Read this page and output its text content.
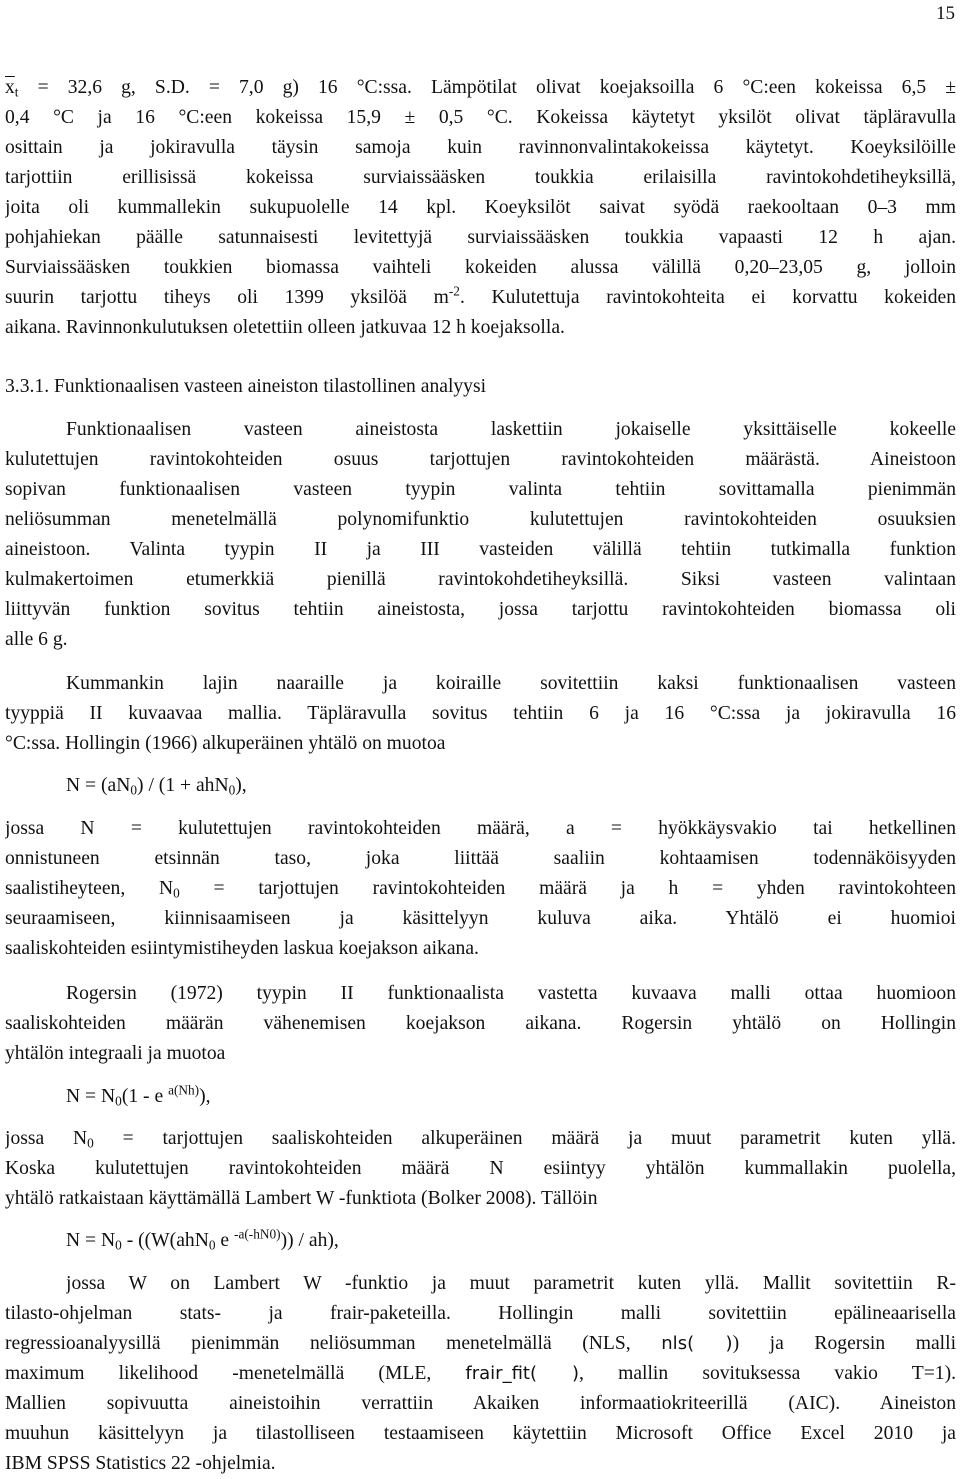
15
$\overline{x}_t = 32,6$ g, S.D. = 7,0 g) 16 °C:ssa. Lämpötilat olivat koejaksoilla 6 °C:een kokeissa 6,5 ±
0,4 °C ja 16 °C:een kokeissa 15,9 ± 0,5 °C. Kokeissa käytetyt yksilöt olivat täpläravulla
osittain ja jokiravulla täysin samoja kuin ravinnonvalintakokeissa käytetyt. Koeyksilöille
tarjottiin erillisissä kokeissa surviaissääsken toukkia erilaisilla ravintokohdetiheyksillä,
joita oli kummallekin sukupuolelle 14 kpl. Koeyksilöt saivat syödä raekooltaan 0–3 mm
pohjahiekan päälle satunnaisesti levitettyjä surviaissääsken toukkia vapaasti 12 h ajan.
Surviaissääsken toukkien biomassa vaihteli kokeiden alussa välillä 0,20–23,05 g, jolloin
suurin tarjottu tiheys oli 1399 yksilöä $m^{-2}$. Kulutettuja ravintokohteita ei korvattu kokeiden
aikana. Ravinnonkulutuksen oletettiin olleen jatkuvaa 12 h koejaksolla.
3.3.1. Funktionaalisen vasteen aineiston tilastollinen analyysi
Funktionaalisen vasteen aineistosta laskettiin jokaiselle yksittäiselle kokeelle
kulutettujen ravintokohteiden osuus tarjottujen ravintokohteiden määrästä. Aineistoon
sopivan funktionaalisen vasteen tyypin valinta tehtiin sovittamalla pienimmän
neliösumman menetelmällä polynomifunktio kulutettujen ravintokohteiden osuuksien
aineistoon. Valinta tyypin II ja III vasteiden välillä tehtiin tutkimalla funktion
kulmakertoimen etumerkkiä pienillä ravintokohdetiheyksillä. Siksi vasteen valintaan
liittyvän funktion sovitus tehtiin aineistosta, jossa tarjottu ravintokohteiden biomassa oli
alle 6 g.
Kummankin lajin naaraille ja koiraille sovitettiin kaksi funktionaalisen vasteen
tyyppiä II kuvaavaa mallia. Täpläravulla sovitus tehtiin 6 ja 16 °C:ssa ja jokiravulla 16
°C:ssa. Hollingin (1966) alkuperäinen yhtälö on muotoa
$N = (aN_0) / (1 + ahN_0)$,
jossa N = kulutettujen ravintokohteiden määrä, a = hyökkäysvakio tai hetkellinen
onnistuneen etsinnän taso, joka liittää saaliin kohtaamisen todennäköisyyden
saalistiheyteen, $N_0$ = tarjottujen ravintokohteiden määrä ja h = yhden ravintokohteen
seuraamiseen, kiinnisaamiseen ja käsittelyyn kuluva aika. Yhtälö ei huomioi
saaliskohteiden esiintymistiheyden laskua koejakson aikana.
Rogersin (1972) tyypin II funktionaalista vastetta kuvaava malli ottaa huomioon
saaliskohteiden määrän vähenemisen koejakson aikana. Rogersin yhtälö on Hollingin
yhtälön integraali ja muotoa
$N = N_0(1 - e$ $^{a(Nh)}$),
jossa $N_0$ = tarjottujen saaliskohteiden alkuperäinen määrä ja muut parametrit kuten yllä.
Koska kulutettujen ravintokohteiden määrä N esiintyy yhtälön kummallakin puolella,
yhtälö ratkaistaan käyttämällä Lambert W -funktiota (Bolker 2008). Tällöin
$N = N_0 - ((W(ahN_0$ e $^{-a(-hN0)}$)) / ah),
jossa W on Lambert W -funktio ja muut parametrit kuten yllä. Mallit sovitettiin R-
tilasto-ohjelman stats- ja frair-paketeilla. Hollingin malli sovitettiin epälineaarisella
regressioanalyysillä pienimmän neliösumman menetelmällä (NLS, nls( )) ja Rogersin malli
maximum likelihood -menetelmällä (MLE, frair_fit( ), mallin sovituksessa vakio T=1).
Mallien sopivuutta aineistoihin verrattiin Akaiken informaatiokriteerillä (AIC). Aineiston
muuhun käsittelyyn ja tilastolliseen testaamiseen käytettiin Microsoft Office Excel 2010 ja
IBM SPSS Statistics 22 -ohjelmia.
